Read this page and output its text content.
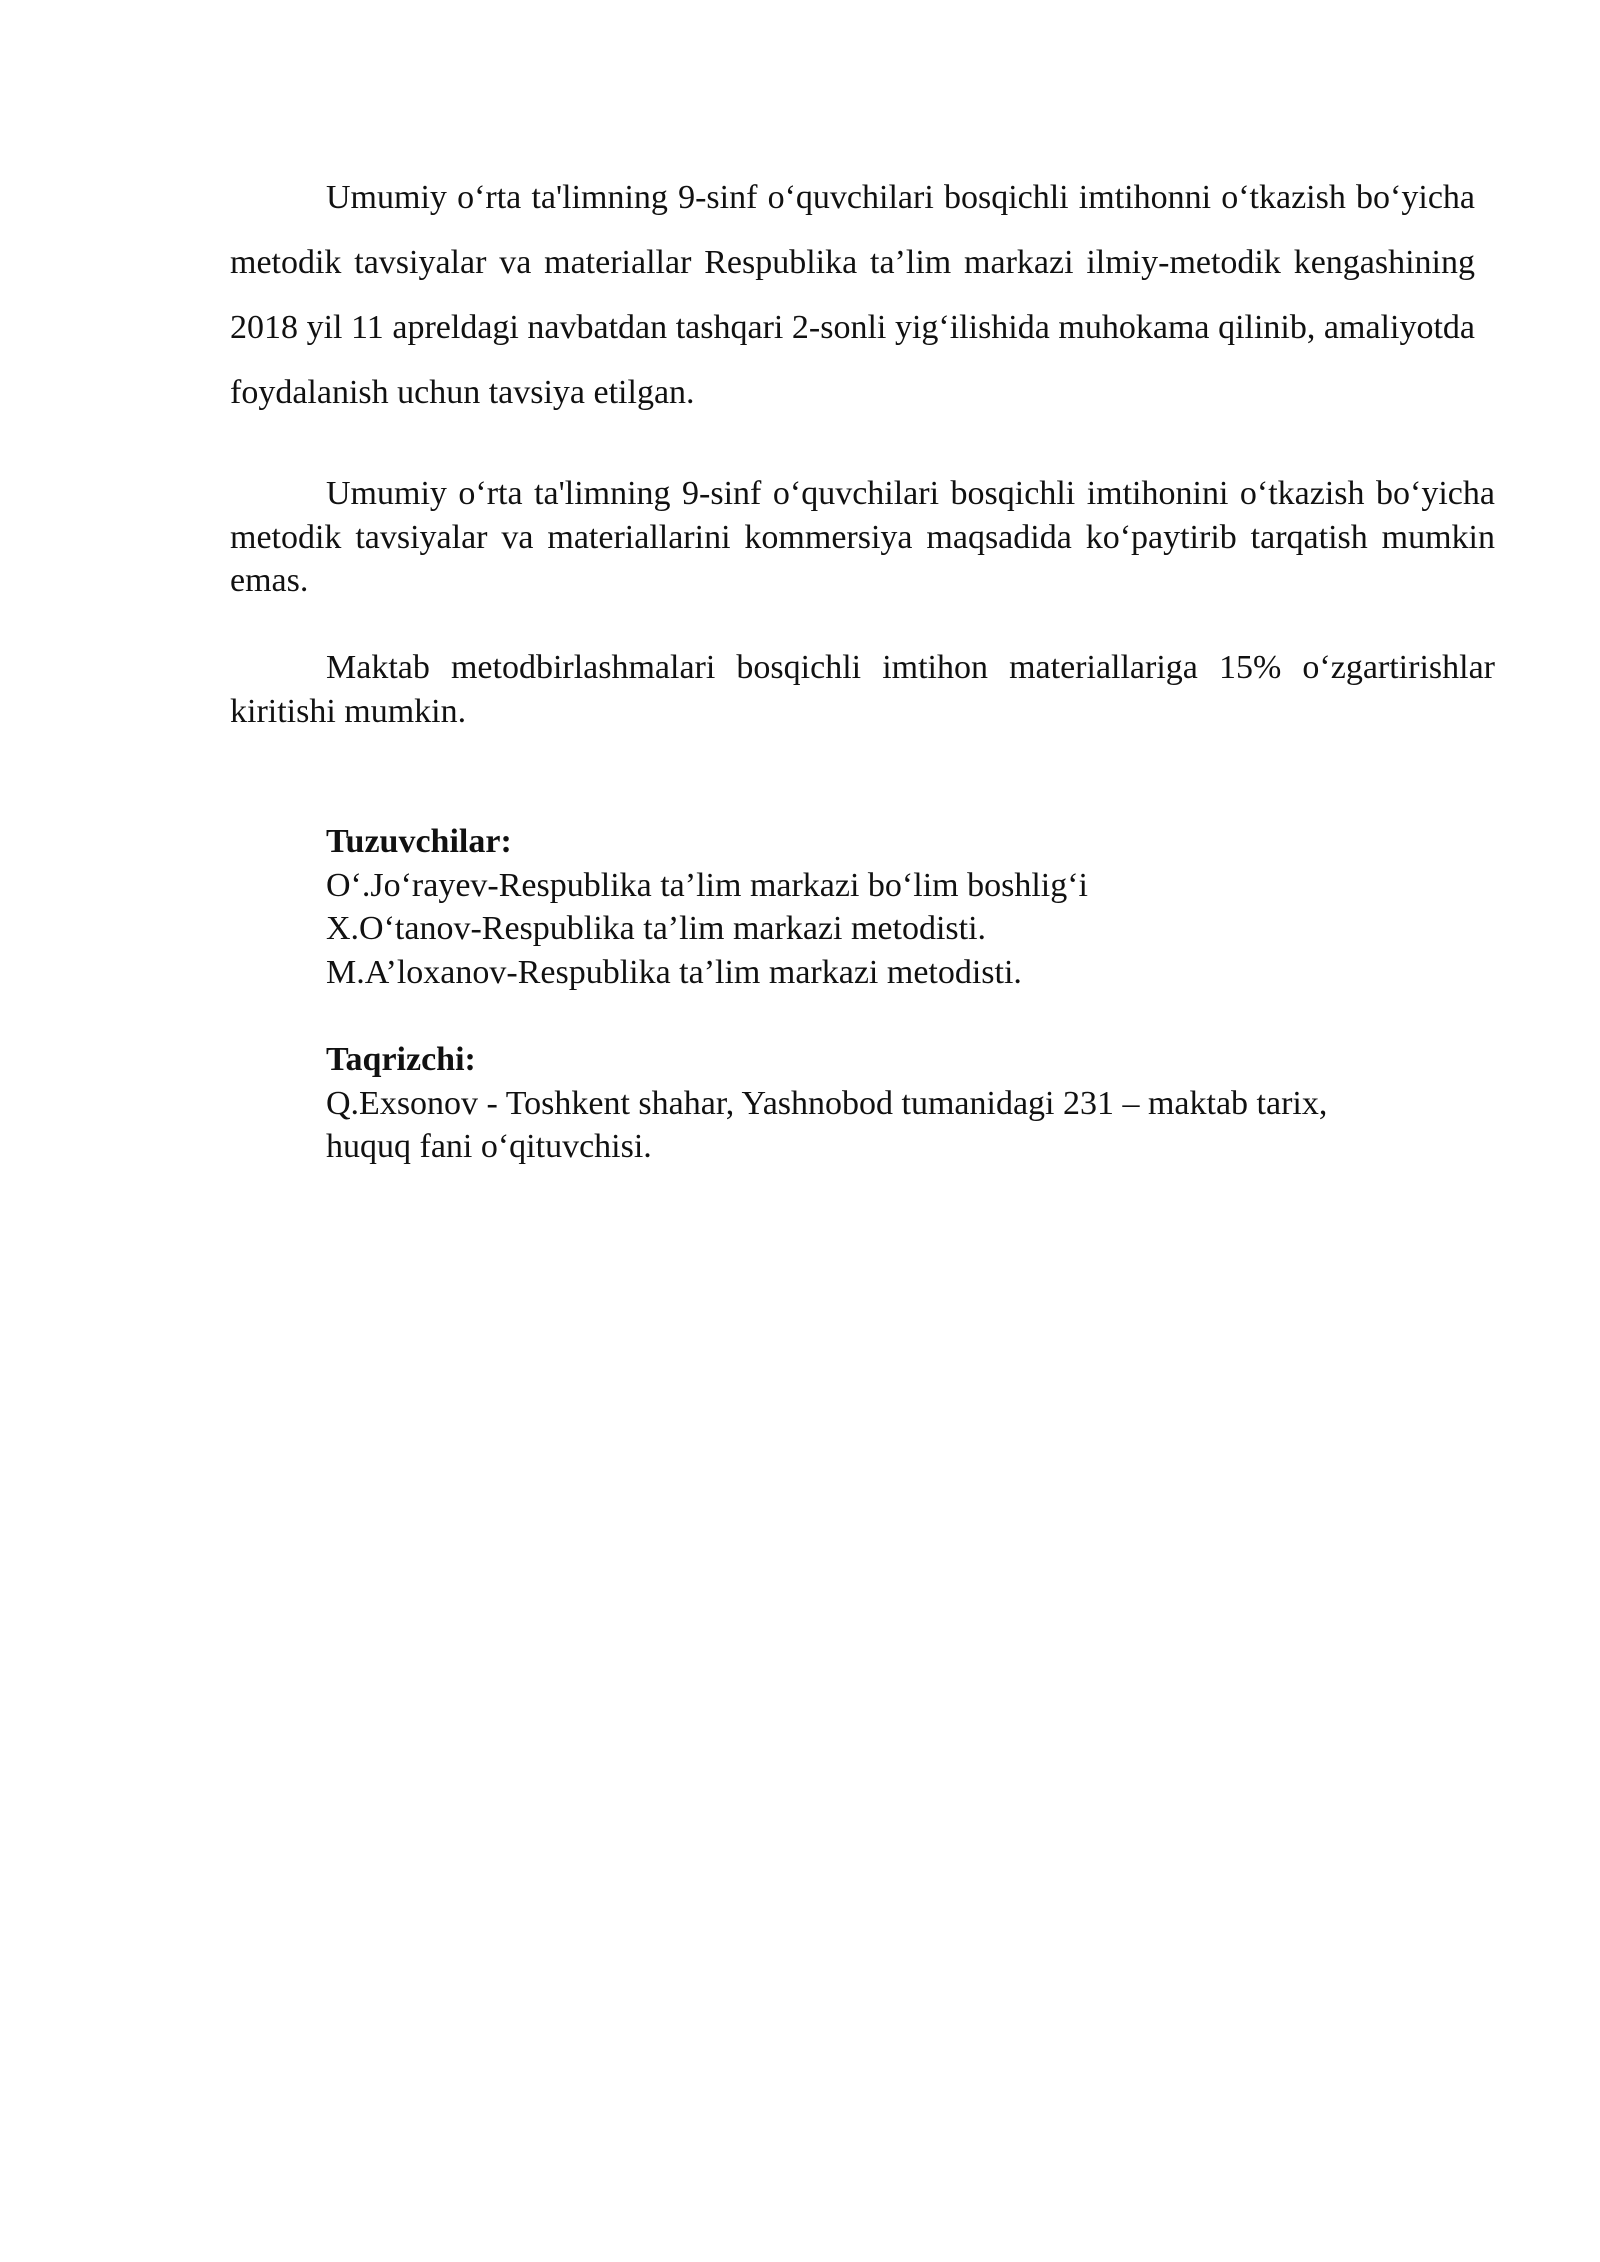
Umumiy o‘rta ta'limning 9-sinf o‘quvchilari bosqichli imtihonni o‘tkazish bo‘yicha metodik tavsiyalar va materiallar Respublika ta’lim markazi ilmiy-metodik kengashining 2018 yil 11 apreldagi navbatdan tashqari 2-sonli yig‘ilishida muhokama qilinib, amaliyotda foydalanish uchun tavsiya etilgan.

Umumiy o‘rta ta'limning 9-sinf o‘quvchilari bosqichli imtihonini o‘tkazish bo‘yicha metodik tavsiyalar va materiallarini kommersiya maqsadida ko‘paytirib tarqatish mumkin emas.

Maktab metodbirlashmalari bosqichli imtihon materiallariga 15% o‘zgartirishlar kiritishi mumkin.

Tuzuvchilar:
O‘.Jo‘rayev-Respublika ta’lim markazi bo‘lim boshlig‘i
X.O‘tanov-Respublika ta’lim markazi metodisti.
M.A’loxanov-Respublika ta’lim markazi metodisti.
Taqrizchi:
Q.Exsonov - Toshkent shahar, Yashnobod tumanidagi 231 – maktab tarix,
huquq fani o‘qituvchisi.
